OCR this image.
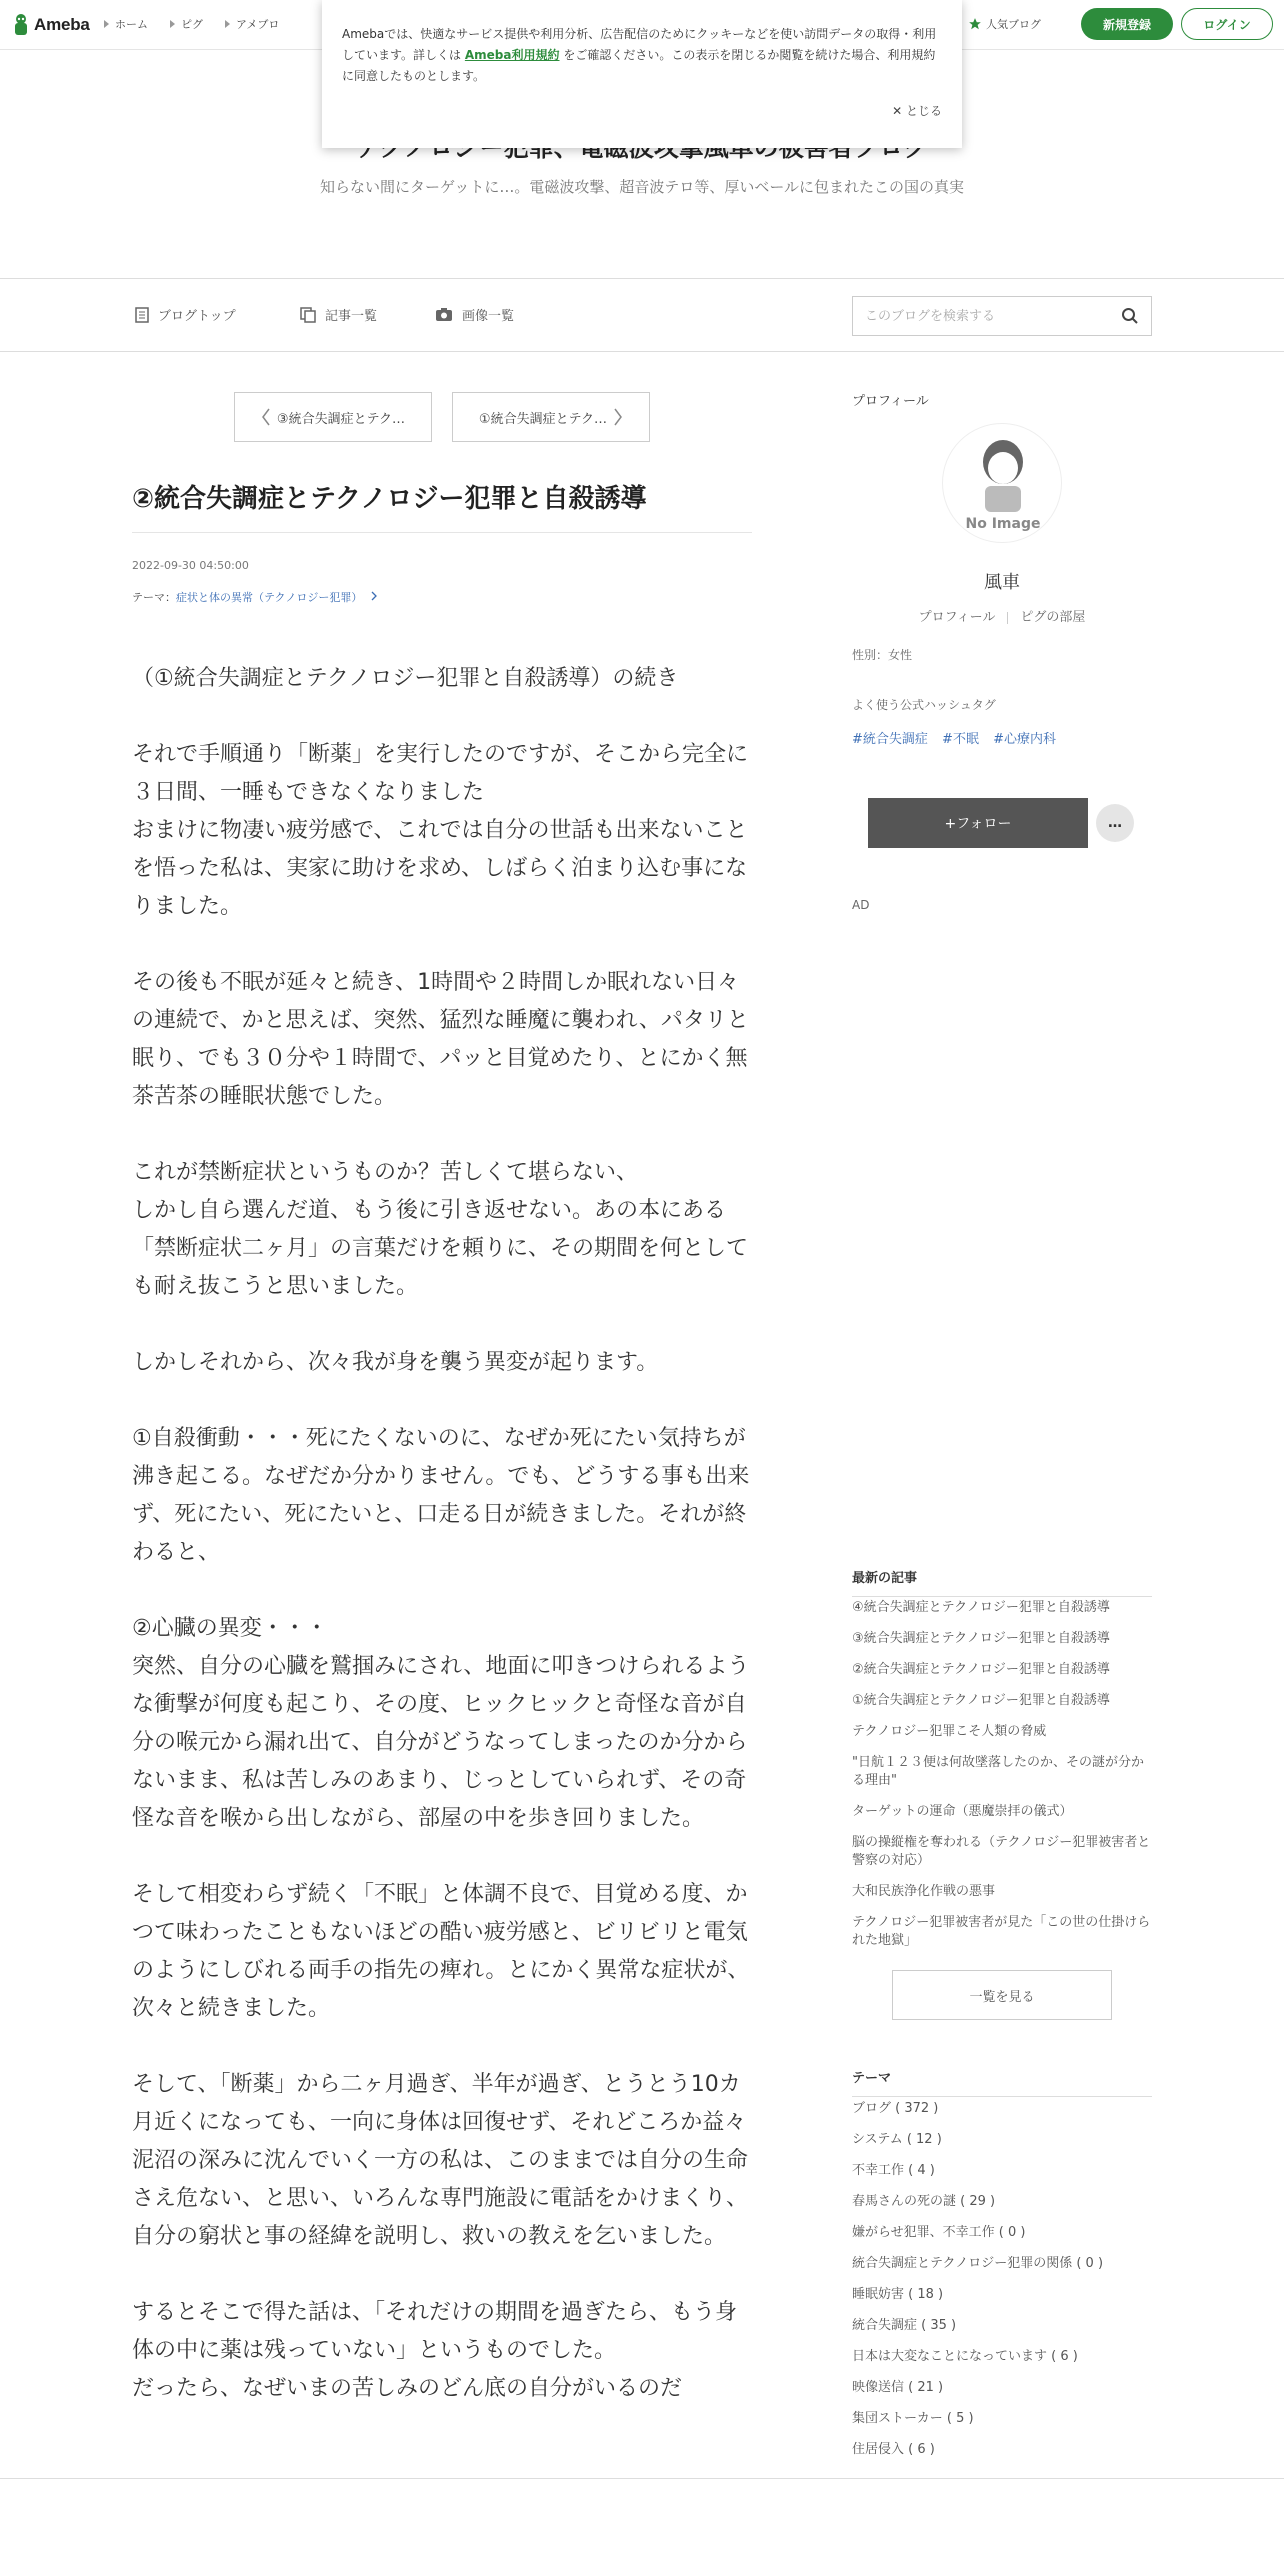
Ameba ホーム	ピグ	アメブロ	人気ブログ	新規登録	ログイン
知らない間にターゲットに…。電磁波攻撃、超音波テロ等、厚いベールに包まれたこの国の真実
Amebaでは、快適なサービス提供や利用分析、広告配信のためにクッキーなどを使い訪問データの取得・利用しています。詳しくは Ameba利用規約 をご確認ください。この表示を閉じるか閲覧を続けた場合、利用規約に同意したものとします。
✕ とじる
ブログトップ	記事一覧	画像一覧
このブログを検索する
③統合失調症とテク…	①統合失調症とテク…
②統合失調症とテクノロジー犯罪と自殺誘導
2022-09-30 04:50:00
テーマ：症状と体の異常（テクノロジー犯罪）

（①統合失調症とテクノロジー犯罪と自殺誘導）の続き

それで手順通り「断薬」を実行したのですが、そこから完全に３日間、一睡もできなくなりました
おまけに物凄い疲労感で、これでは自分の世話も出来ないことを悟った私は、実家に助けを求め、しばらく泊まり込む事になりました。

その後も不眠が延々と続き、1時間や２時間しか眠れない日々の連続で、かと思えば、突然、猛烈な睡魔に襲われ、パタリと眠り、でも３０分や１時間で、パッと目覚めたり、とにかく無茶苦茶の睡眠状態でした。

これが禁断症状というものか？苦しくて堪らない、
しかし自ら選んだ道、もう後に引き返せない。あの本にある「禁断症状二ヶ月」の言葉だけを頼りに、その期間を何としても耐え抜こうと思いました。

しかしそれから、次々我が身を襲う異変が起ります。

①自殺衝動・・・死にたくないのに、なぜか死にたい気持ちが沸き起こる。なぜだか分かりません。でも、どうする事も出来ず、死にたい、死にたいと、口走る日が続きました。それが終わると、

②心臓の異変・・・
突然、自分の心臓を鷲掴みにされ、地面に叩きつけられるような衝撃が何度も起こり、その度、ヒックヒックと奇怪な音が自分の喉元から漏れ出て、自分がどうなってしまったのか分からないまま、私は苦しみのあまり、じっとしていられず、その奇怪な音を喉から出しながら、部屋の中を歩き回りました。

そして相変わらず続く「不眠」と体調不良で、目覚める度、かつて味わったこともないほどの酷い疲労感と、ビリビリと電気のようにしびれる両手の指先の痺れ。とにかく異常な症状が、次々と続きました。

そして、「断薬」から二ヶ月過ぎ、半年が過ぎ、とうとう10カ月近くになっても、一向に身体は回復せず、それどころか益々泥沼の深みに沈んでいく一方の私は、このままでは自分の生命さえ危ない、と思い、いろんな専門施設に電話をかけまくり、自分の窮状と事の経緯を説明し、救いの教えを乞いました。

するとそこで得た話は、「それだけの期間を過ぎたら、もう身体の中に薬は残っていない」というものでした。
だったら、なぜいまの苦しみのどん底の自分がいるのだ

プロフィール
No Image
風車
プロフィール ピグの部屋
性別：女性
よく使う公式ハッシュタグ
#統合失調症 #不眠 #心療内科
+フォロー	…
AD
最新の記事
④統合失調症とテクノロジー犯罪と自殺誘導
③統合失調症とテクノロジー犯罪と自殺誘導
②統合失調症とテクノロジー犯罪と自殺誘導
①統合失調症とテクノロジー犯罪と自殺誘導
テクノロジー犯罪こそ人類の脅威
"日航１２３便は何故墜落したのか、その謎が分かる理由"
ターゲットの運命（悪魔崇拝の儀式）
脳の操縦権を奪われる（テクノロジー犯罪被害者と警察の対応）
大和民族浄化作戦の悪事
テクノロジー犯罪被害者が見た「この世の仕掛けられた地獄」
一覧を見る
テーマ
ブログ ( 372 )
システム ( 12 )
不幸工作 ( 4 )
春馬さんの死の謎 ( 29 )
嫌がらせ犯罪、不幸工作 ( 0 )
統合失調症とテクノロジー犯罪の関係 ( 0 )
睡眠妨害 ( 18 )
統合失調症 ( 35 )
日本は大変なことになっています ( 6 )
映像送信 ( 21 )
集団ストーカー ( 5 )
住居侵入 ( 6 )
